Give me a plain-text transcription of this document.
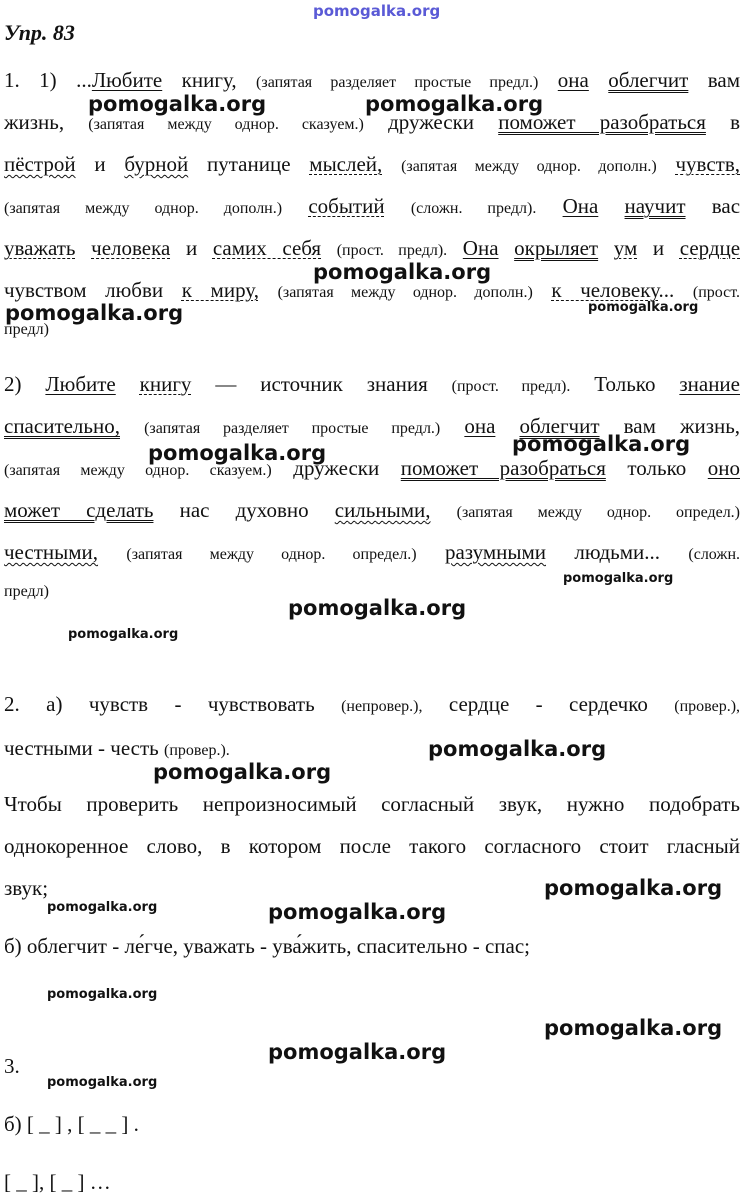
pomogalka.org
Упр. 83
1. 1) ...Любите книгу, (запятая разделяет простые предл.) она облегчит вам
жизнь, (запятая между однор. сказуем.) дружески поможет разобраться в
пёстрой и бурной путанице мыслей, (запятая между однор. дополн.) чувств,
(запятая между однор. дополн.) событий (сложн. предл). Она научит вас
уважать человека и самих себя (прост. предл). Она окрыляет ум и сердце
чувством любви к миру, (запятая между однор. дополн.) к человеку... (прост.
предл)
2) Любите книгу — источник знания (прост. предл). Только знание
спасительно, (запятая разделяет простые предл.) она облегчит вам жизнь,
(запятая между однор. сказуем.) дружески поможет разобраться только оно
может сделать нас духовно сильными, (запятая между однор. определ.)
честными, (запятая между однор. определ.) разумными людьми... (сложн.
предл)
2. а) чувств - чувствовать (непровер.), сердце - сердечко (провер.),
честными - честь (провер.).
Чтобы проверить непроизносимый согласный звук, нужно подобрать
однокоренное слово, в котором после такого согласного стоит гласный
звук;
б) облегчит - ле́гче, уважать - ува́жить, спасительно - спас;
3.
б) [ _ ] , [ _ _ ] .
[ _ ], [ _ ] …
pomogalka.org	pomogalka.org
pomogalka.org
pomogalka.org	pomogalka.org
pomogalka.org	pomogalka.org
pomogalka.org
pomogalka.org
pomogalka.org
pomogalka.org
pomogalka.org
pomogalka.org
pomogalka.org	pomogalka.org
pomogalka.org
pomogalka.org
pomogalka.org
pomogalka.org
